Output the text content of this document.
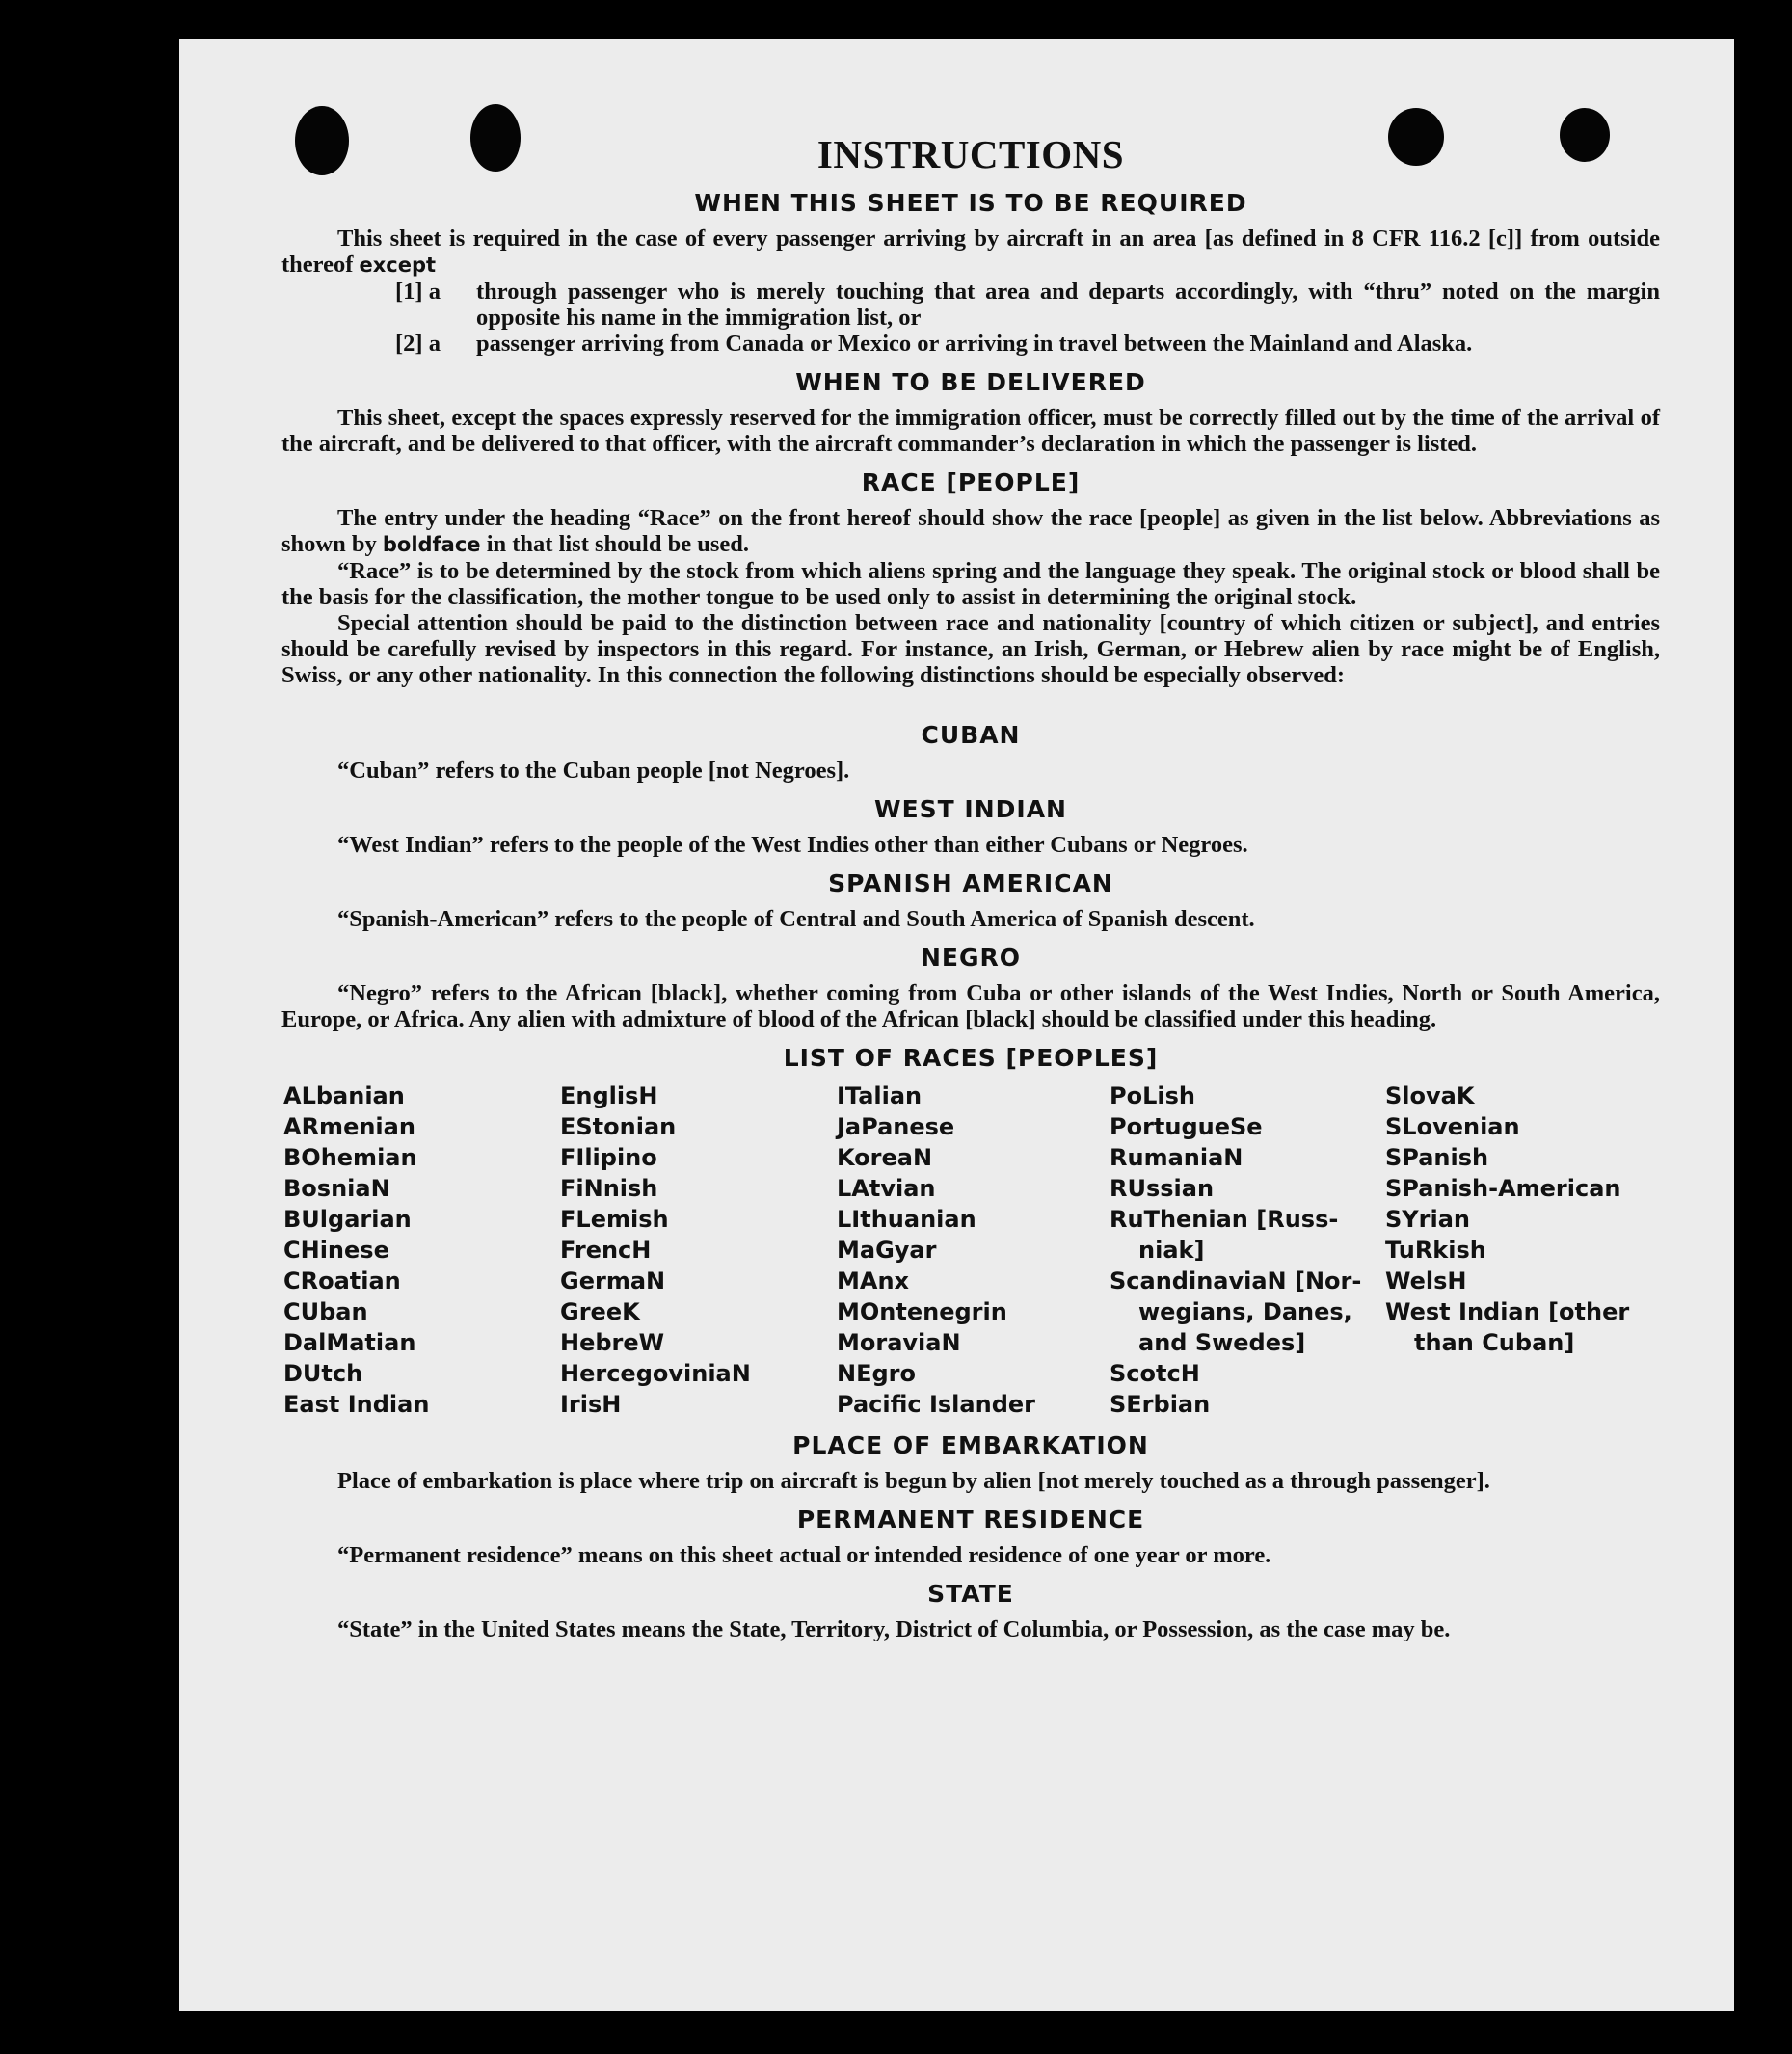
INSTRUCTIONS
WHEN THIS SHEET IS TO BE REQUIRED

This sheet is required in the case of every passenger arriving by aircraft in an area [as defined in 8 CFR 116.2 [c]] from outside thereof except

[1] a	through passenger who is merely touching that area and departs accordingly, with “thru” noted on the margin opposite his name in the immigration list, or
[2] a	passenger arriving from Canada or Mexico or arriving in travel between the Mainland and Alaska.
WHEN TO BE DELIVERED

This sheet, except the spaces expressly reserved for the immigration officer, must be correctly filled out by the time of the arrival of the aircraft, and be delivered to that officer, with the aircraft commander’s declaration in which the passenger is listed.

RACE [PEOPLE]

The entry under the heading “Race” on the front hereof should show the race [people] as given in the list below. Abbreviations as shown by boldface in that list should be used.

“Race” is to be determined by the stock from which aliens spring and the language they speak. The original stock or blood shall be the basis for the classification, the mother tongue to be used only to assist in determining the original stock.

Special attention should be paid to the distinction between race and nationality [country of which citizen or subject], and entries should be carefully revised by inspectors in this regard. For instance, an Irish, German, or Hebrew alien by race might be of English, Swiss, or any other nationality. In this connection the following distinctions should be especially observed:

CUBAN

“Cuban” refers to the Cuban people [not Negroes].

WEST INDIAN

“West Indian” refers to the people of the West Indies other than either Cubans or Negroes.

SPANISH AMERICAN

“Spanish-American” refers to the people of Central and South America of Spanish descent.

NEGRO

“Negro” refers to the African [black], whether coming from Cuba or other islands of the West Indies, North or South America, Europe, or Africa. Any alien with admixture of blood of the African [black] should be classified under this heading.

LIST OF RACES [PEOPLES]
ALbanian
ARmenian
BOhemian
BosniaN
BUlgarian
CHinese
CRoatian
CUban
DalMatian
DUtch
East Indian
EnglisH
EStonian
FIlipino
FiNnish
FLemish
FrencH
GermaN
GreeK
HebreW
HercegoviniaN
IrisH
ITalian
JaPanese
KoreaN
LAtvian
LIthuanian
MaGyar
MAnx
MOntenegrin
MoraviaN
NEgro
Pacific Islander
PoLish
PortugueSe
RumaniaN
RUssian
RuThenian [Russ-
niak]
ScandinaviaN [Nor-
wegians, Danes,
and Swedes]
ScotcH
SErbian
SlovaK
SLovenian
SPanish
SPanish-American
SYrian
TuRkish
WelsH
West Indian [other
than Cuban]
PLACE OF EMBARKATION

Place of embarkation is place where trip on aircraft is begun by alien [not merely touched as a through passenger].

PERMANENT RESIDENCE

“Permanent residence” means on this sheet actual or intended residence of one year or more.

STATE

“State” in the United States means the State, Territory, District of Columbia, or Possession, as the case may be.
